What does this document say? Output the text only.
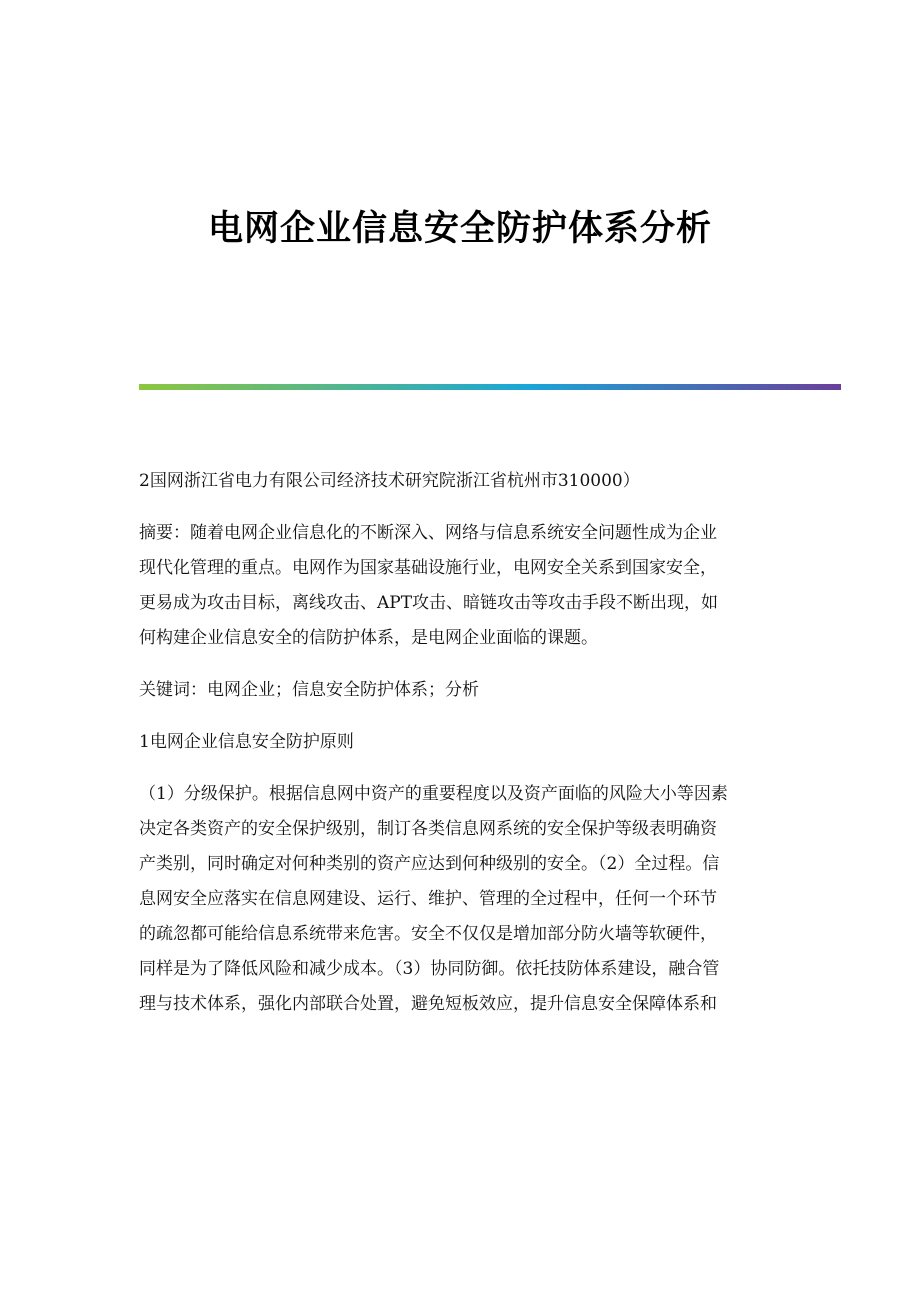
电网企业信息安全防护体系分析
2国网浙江省电力有限公司经济技术研究院浙江省杭州市310000）
摘要：随着电网企业信息化的不断深入、网络与信息系统安全问题性成为企业
现代化管理的重点。电网作为国家基础设施行业，电网安全关系到国家安全，
更易成为攻击目标，离线攻击、APT攻击、暗链攻击等攻击手段不断出现，如
何构建企业信息安全的信防护体系，是电网企业面临的课题。
关键词：电网企业；信息安全防护体系；分析
1电网企业信息安全防护原则
（1）分级保护。根据信息网中资产的重要程度以及资产面临的风险大小等因素
决定各类资产的安全保护级别，制订各类信息网系统的安全保护等级表明确资
产类别，同时确定对何种类别的资产应达到何种级别的安全。（2）全过程。信
息网安全应落实在信息网建设、运行、维护、管理的全过程中，任何一个环节
的疏忽都可能给信息系统带来危害。安全不仅仅是增加部分防火墙等软硬件，
同样是为了降低风险和减少成本。（3）协同防御。依托技防体系建设，融合管
理与技术体系，强化内部联合处置，避免短板效应，提升信息安全保障体系和
